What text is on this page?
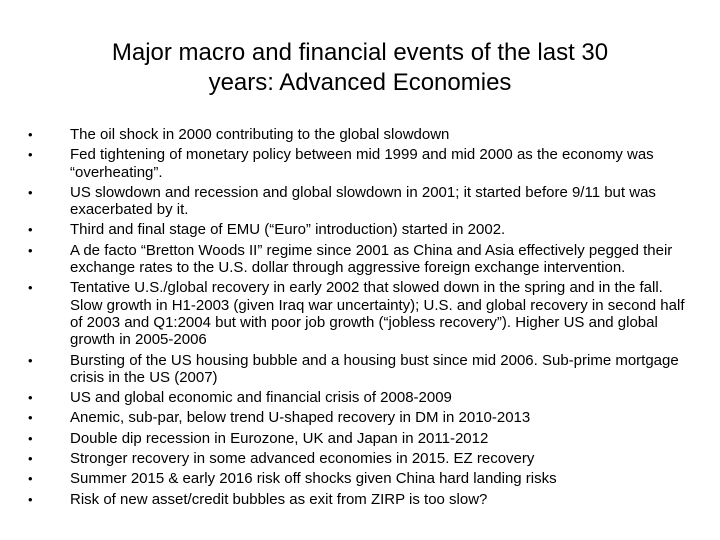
Major macro and financial events of the last 30
years: Advanced Economies
• The oil shock in 2000 contributing to the global slowdown
• Fed tightening of monetary policy between mid 1999 and mid 2000 as the economy was “overheating”.
• US slowdown and recession and global slowdown in 2001; it started before 9/11 but was exacerbated by it.
• Third and final stage of EMU (“Euro” introduction) started in 2002.
• A de facto “Bretton Woods II” regime since 2001 as China and Asia effectively pegged their exchange rates to the U.S. dollar through aggressive foreign exchange intervention.
• Tentative U.S./global recovery in early 2002 that slowed down in the spring and in the fall. Slow growth in H1-2003 (given Iraq war uncertainty); U.S. and global recovery in second half of 2003 and Q1:2004 but with poor job growth (“jobless recovery”). Higher US and global growth in 2005-2006
• Bursting of the US housing bubble and a housing bust since mid 2006. Sub-prime mortgage crisis in the US (2007)
• US and global economic and financial crisis of 2008-2009
• Anemic, sub-par, below trend U-shaped recovery in DM in 2010-2013
• Double dip recession in Eurozone, UK and Japan in 2011-2012
• Stronger recovery in some advanced economies in 2015. EZ recovery
• Summer 2015 & early 2016 risk off shocks given China hard landing risks
• Risk of new asset/credit bubbles as exit from ZIRP is too slow?
